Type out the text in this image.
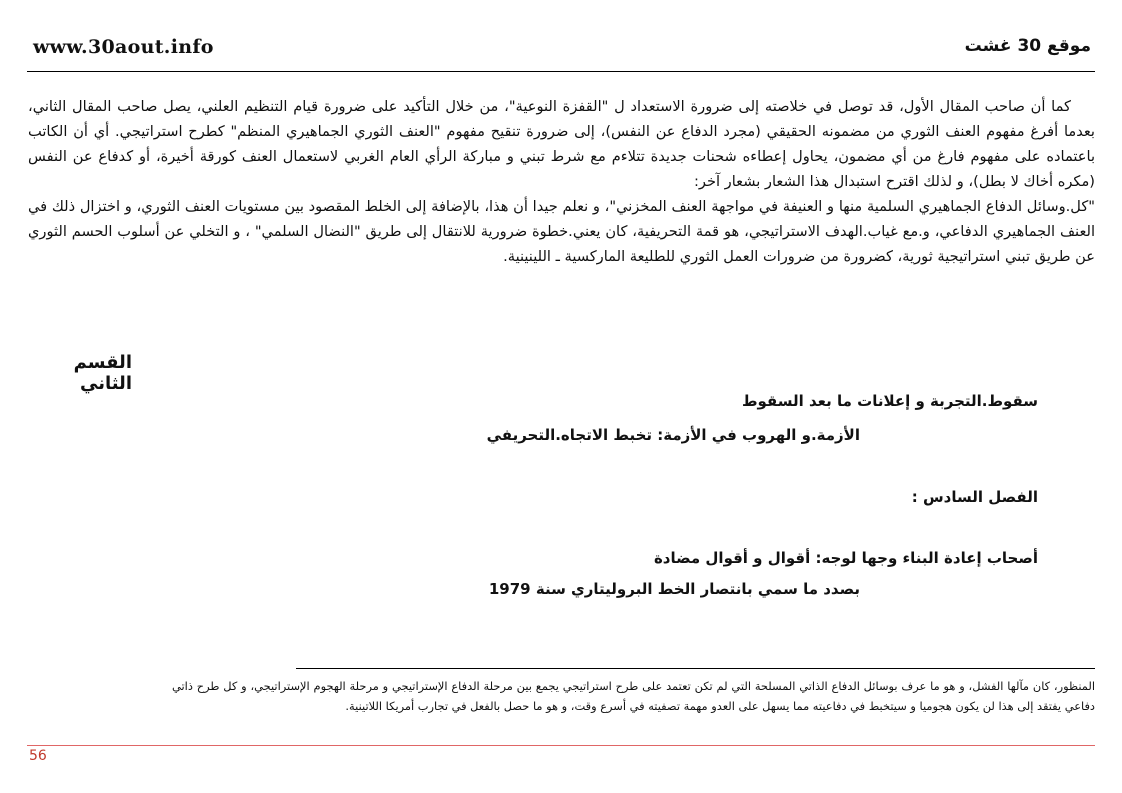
www.30aout.info	موقع 30 غشت

كما أن صاحب المقال الأول، قد توصل في خلاصته إلى ضرورة الاستعداد ل "القفزة النوعية"، من خلال التأكيد على ضرورة قيام التنظيم العلني، يصل صاحب المقال الثاني، بعدما أفرغ مفهوم العنف الثوري من مضمونه الحقيقي (مجرد الدفاع عن النفس)، إلى ضرورة تنقيح مفهوم "العنف الثوري الجماهيري المنظم" كطرح استراتيجي. أي أن الكاتب باعتماده على مفهوم فارغ من أي مضمون، يحاول إعطاءه شحنات جديدة تتلاءم مع شرط تبني و مباركة الرأي العام الغربي لاستعمال العنف كورقة أخيرة، أو كدفاع عن النفس (مكره أخاك لا بطل)، و لذلك اقترح استبدال هذا الشعار بشعار آخر:

"كل.وسائل الدفاع الجماهيري السلمية منها و العنيفة في مواجهة العنف المخزني"، و نعلم جيدا أن هذا، بالإضافة إلى الخلط المقصود بين مستويات العنف الثوري، و اختزال ذلك في العنف الجماهيري الدفاعي، و.مع غياب.الهدف الاستراتيجي، هو قمة التحريفية، كان يعني.خطوة ضرورية للانتقال إلى طريق "النضال السلمي" ، و التخلي عن أسلوب الحسم الثوري عن طريق تبني استراتيجية ثورية، كضرورة من ضرورات العمل الثوري للطليعة الماركسية ـ اللينينية.

القسم الثاني
سقوط.التجربة و إعلانات ما بعد السقوط
الأزمة.و الهروب في الأزمة: تخبط الاتجاه.التحريفي
الفصل السادس :
أصحاب إعادة البناء وجها لوجه: أقوال و أقوال مضادة
بصدد ما سمي بانتصار الخط البروليتاري سنة 1979
المنظور، كان مآلها الفشل، و هو ما عرف بوسائل الدفاع الذاتي المسلحة التي لم تكن تعتمد على طرح استراتيجي يجمع بين مرحلة الدفاع الإستراتيجي و مرحلة الهجوم الإستراتيجي، و كل طرح ذاتي دفاعي يفتقد إلى هذا لن يكون هجوميا و سيتخبط في دفاعيته مما يسهل على العدو مهمة تصفيته في أسرع وقت، و هو ما حصل بالفعل في تجارب أمريكا اللاتينية.
56
